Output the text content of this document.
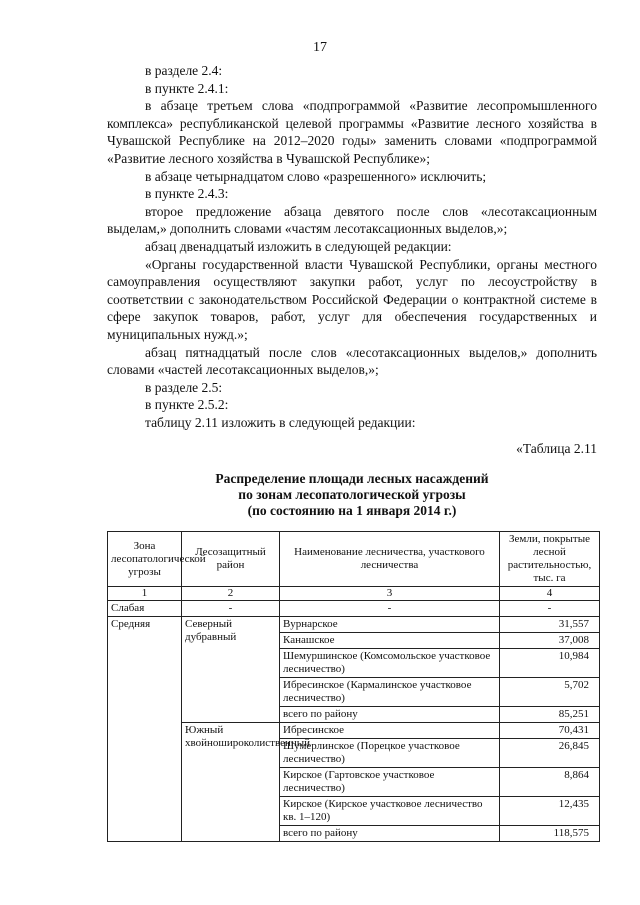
17

в разделе 2.4:

в пункте 2.4.1:

в абзаце третьем слова «подпрограммой «Развитие лесопромышленного комплекса» республиканской целевой программы «Развитие лесного хозяйства в Чувашской Республике на 2012–2020 годы» заменить словами «подпрограммой «Развитие лесного хозяйства в Чувашской Республике»;

в абзаце четырнадцатом слово «разрешенного» исключить;

в пункте 2.4.3:

второе предложение абзаца девятого после слов «лесотаксационным выделам,» дополнить словами «частям лесотаксационных выделов,»;

абзац двенадцатый изложить в следующей редакции:

«Органы государственной власти Чувашской Республики, органы местного самоуправления осуществляют закупки работ, услуг по лесоустройству в соответствии с законодательством Российской Федерации о контрактной системе в сфере закупок товаров, работ, услуг для обеспечения государственных и муниципальных нужд.»;

абзац пятнадцатый после слов «лесотаксационных выделов,» дополнить словами «частей лесотаксационных выделов,»;

в разделе 2.5:

в пункте 2.5.2:

таблицу 2.11 изложить в следующей редакции:

«Таблица 2.11
Распределение площади лесных насаждений
по зонам лесопатологической угрозы
(по состоянию на 1 января 2014 г.)
Зона лесопатологической угрозы	Лесозащитный район	Наименование лесничества, участкового лесничества	Земли, покрытые лесной растительностью, тыс. га
1	2	3	4
Слабая	-	-	-
Средняя	Северный дубравный	Вурнарское	31,557
		Канашское	37,008
		Шемуршинское (Комсомольское участковое лесничество)	10,984
		Ибресинское (Кармалинское участковое лесничество)	5,702
		всего по району	85,251
	Южный хвойношироколиственный	Ибресинское	70,431
		Шумерлинское (Порецкое участковое лесничество)	26,845
		Кирское (Гартовское участковое лесничество)	8,864
		Кирское (Кирское участковое лесничество кв. 1–120)	12,435
		всего по району	118,575
